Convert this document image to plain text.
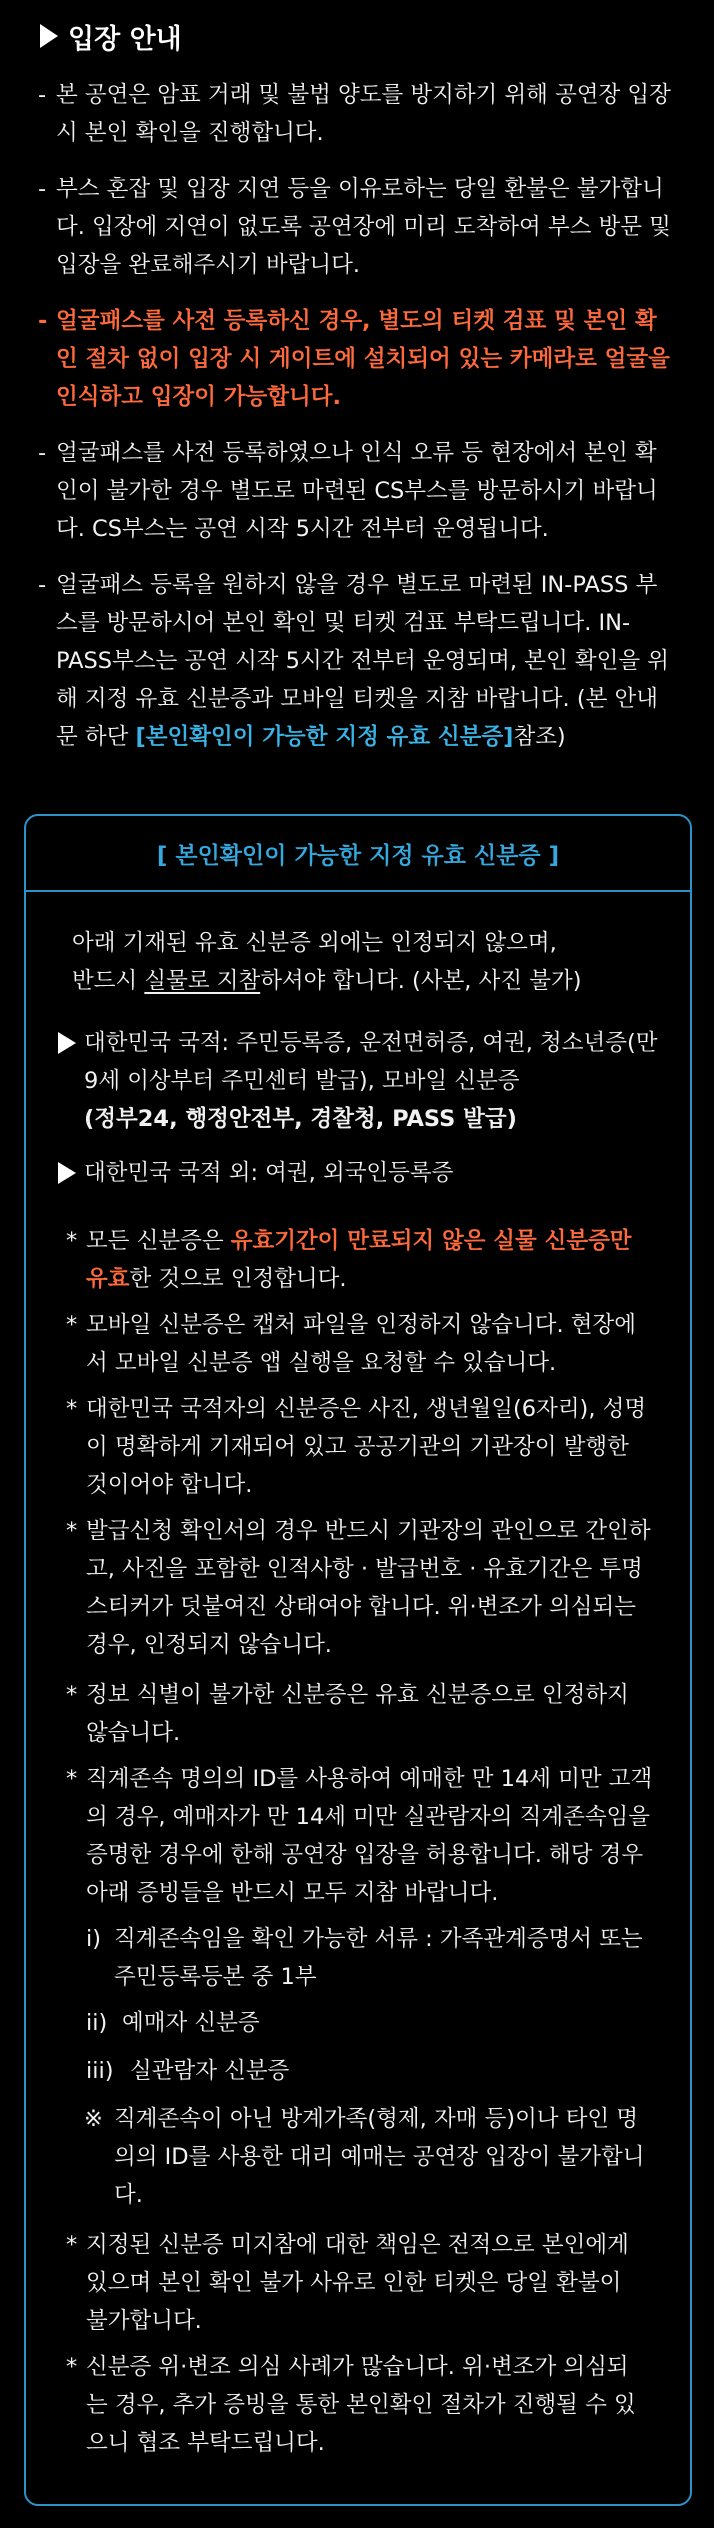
입장 안내

- 본 공연은 암표 거래 및 불법 양도를 방지하기 위해 공연장 입장 시 본인 확인을 진행합니다.

- 부스 혼잡 및 입장 지연 등을 이유로하는 당일 환불은 불가합니다. 입장에 지연이 없도록 공연장에 미리 도착하여 부스 방문 및 입장을 완료해주시기 바랍니다.

- 얼굴패스를 사전 등록하신 경우, 별도의 티켓 검표 및 본인 확인 절차 없이 입장 시 게이트에 설치되어 있는 카메라로 얼굴을 인식하고 입장이 가능합니다.

- 얼굴패스를 사전 등록하였으나 인식 오류 등 현장에서 본인 확인이 불가한 경우 별도로 마련된 CS부스를 방문하시기 바랍니다. CS부스는 공연 시작 5시간 전부터 운영됩니다.

- 얼굴패스 등록을 원하지 않을 경우 별도로 마련된 IN-PASS 부스를 방문하시어 본인 확인 및 티켓 검표 부탁드립니다. IN-PASS부스는 공연 시작 5시간 전부터 운영되며, 본인 확인을 위해 지정 유효 신분증과 모바일 티켓을 지참 바랍니다. (본 안내문 하단 [본인확인이 가능한 지정 유효 신분증]참조)

[ 본인확인이 가능한 지정 유효 신분증 ]

아래 기재된 유효 신분증 외에는 인정되지 않으며,

반드시 실물로 지참하셔야 합니다. (사본, 사진 불가)

대한민국 국적: 주민등록증, 운전면허증, 여권, 청소년증(만 9세 이상부터 주민센터 발급), 모바일 신분증
(정부24, 행정안전부, 경찰청, PASS 발급)
대한민국 국적 외: 여권, 외국인등록증
* 모든 신분증은 유효기간이 만료되지 않은 실물 신분증만 유효한 것으로 인정합니다.
* 모바일 신분증은 캡처 파일을 인정하지 않습니다. 현장에서 모바일 신분증 앱 실행을 요청할 수 있습니다.
* 대한민국 국적자의 신분증은 사진, 생년월일(6자리), 성명이 명확하게 기재되어 있고 공공기관의 기관장이 발행한 것이어야 합니다.
* 발급신청 확인서의 경우 반드시 기관장의 관인으로 간인하고, 사진을 포함한 인적사항 · 발급번호 · 유효기간은 투명스티커가 덧붙여진 상태여야 합니다. 위·변조가 의심되는 경우, 인정되지 않습니다.
* 정보 식별이 불가한 신분증은 유효 신분증으로 인정하지 않습니다.
* 직계존속 명의의 ID를 사용하여 예매한 만 14세 미만 고객의 경우, 예매자가 만 14세 미만 실관람자의 직계존속임을 증명한 경우에 한해 공연장 입장을 허용합니다. 해당 경우 아래 증빙들을 반드시 모두 지참 바랍니다.
i) 직계존속임을 확인 가능한 서류 : 가족관계증명서 또는 주민등록등본 중 1부
ii) 예매자 신분증
iii) 실관람자 신분증
※ 직계존속이 아닌 방계가족(형제, 자매 등)이나 타인 명의의 ID를 사용한 대리 예매는 공연장 입장이 불가합니다.
* 지정된 신분증 미지참에 대한 책임은 전적으로 본인에게 있으며 본인 확인 불가 사유로 인한 티켓은 당일 환불이 불가합니다.
* 신분증 위·변조 의심 사례가 많습니다. 위·변조가 의심되는 경우, 추가 증빙을 통한 본인확인 절차가 진행될 수 있으니 협조 부탁드립니다.
